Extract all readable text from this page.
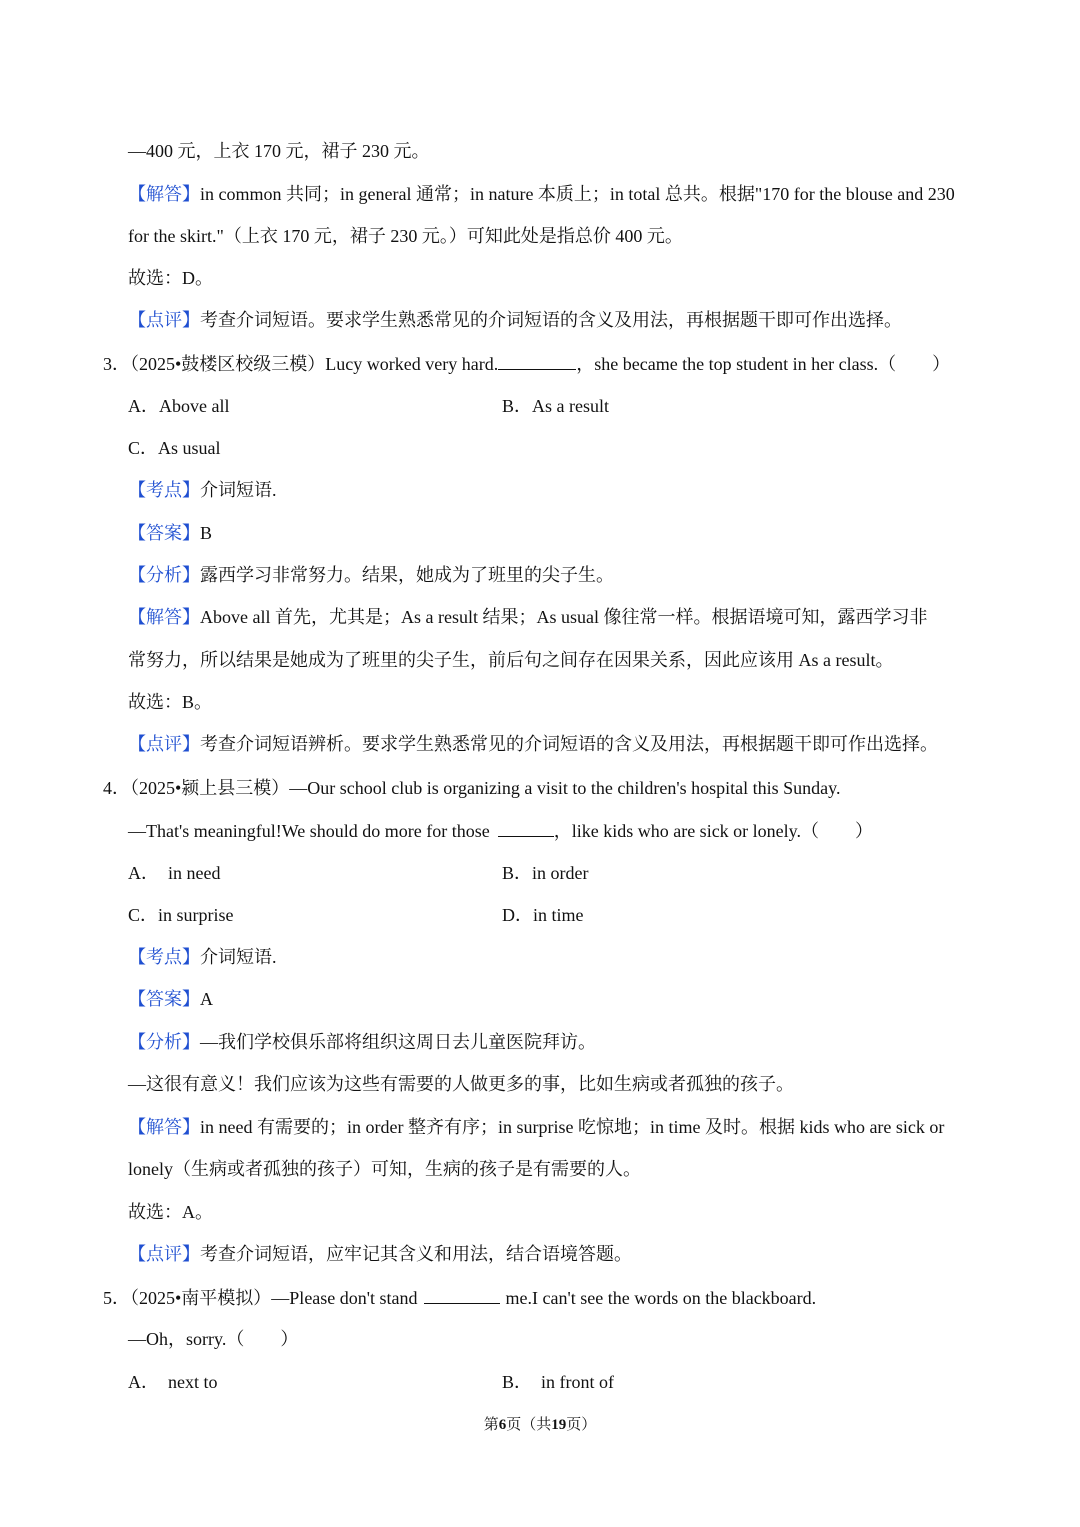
—400 元，上衣 170 元，裙子 230 元。
【解答】in common 共同；in general 通常；in nature 本质上；in total 总共。根据"170 for the blouse and 230
for the skirt."（上衣 170 元，裙子 230 元。）可知此处是指总价 400 元。
故选：D。
【点评】考查介词短语。要求学生熟悉常见的介词短语的含义及用法，再根据题干即可作出选择。
3．（2025•鼓楼区校级三模）Lucy worked very hard.	，she became the top student in her class.（　　）
A．Above all	B．As a result
C．As usual
【考点】介词短语.
【答案】B
【分析】露西学习非常努力。结果，她成为了班里的尖子生。
【解答】Above all 首先，尤其是；As a result 结果；As usual 像往常一样。根据语境可知，露西学习非
常努力，所以结果是她成为了班里的尖子生，前后句之间存在因果关系，因此应该用 As a result。
故选：B。
【点评】考查介词短语辨析。要求学生熟悉常见的介词短语的含义及用法，再根据题干即可作出选择。
4．（2025•颍上县三模）—Our school club is organizing a visit to the children's hospital this Sunday.
—That's meaningful!We should do more for those	，like kids who are sick or lonely.（　　）
A．　in need	B．in order
C．in surprise	D．in time
【考点】介词短语.
【答案】A
【分析】—我们学校俱乐部将组织这周日去儿童医院拜访。
—这很有意义！我们应该为这些有需要的人做更多的事，比如生病或者孤独的孩子。
【解答】in need 有需要的；in order 整齐有序；in surprise 吃惊地；in time 及时。根据 kids who are sick or
lonely（生病或者孤独的孩子）可知，生病的孩子是有需要的人。
故选：A。
【点评】考查介词短语，应牢记其含义和用法，结合语境答题。
5．（2025•南平模拟）—Please don't stand	me.I can't see the words on the blackboard.
—Oh，sorry.（　　）
A．　next to	B．　in front of
第6页（共19页）
